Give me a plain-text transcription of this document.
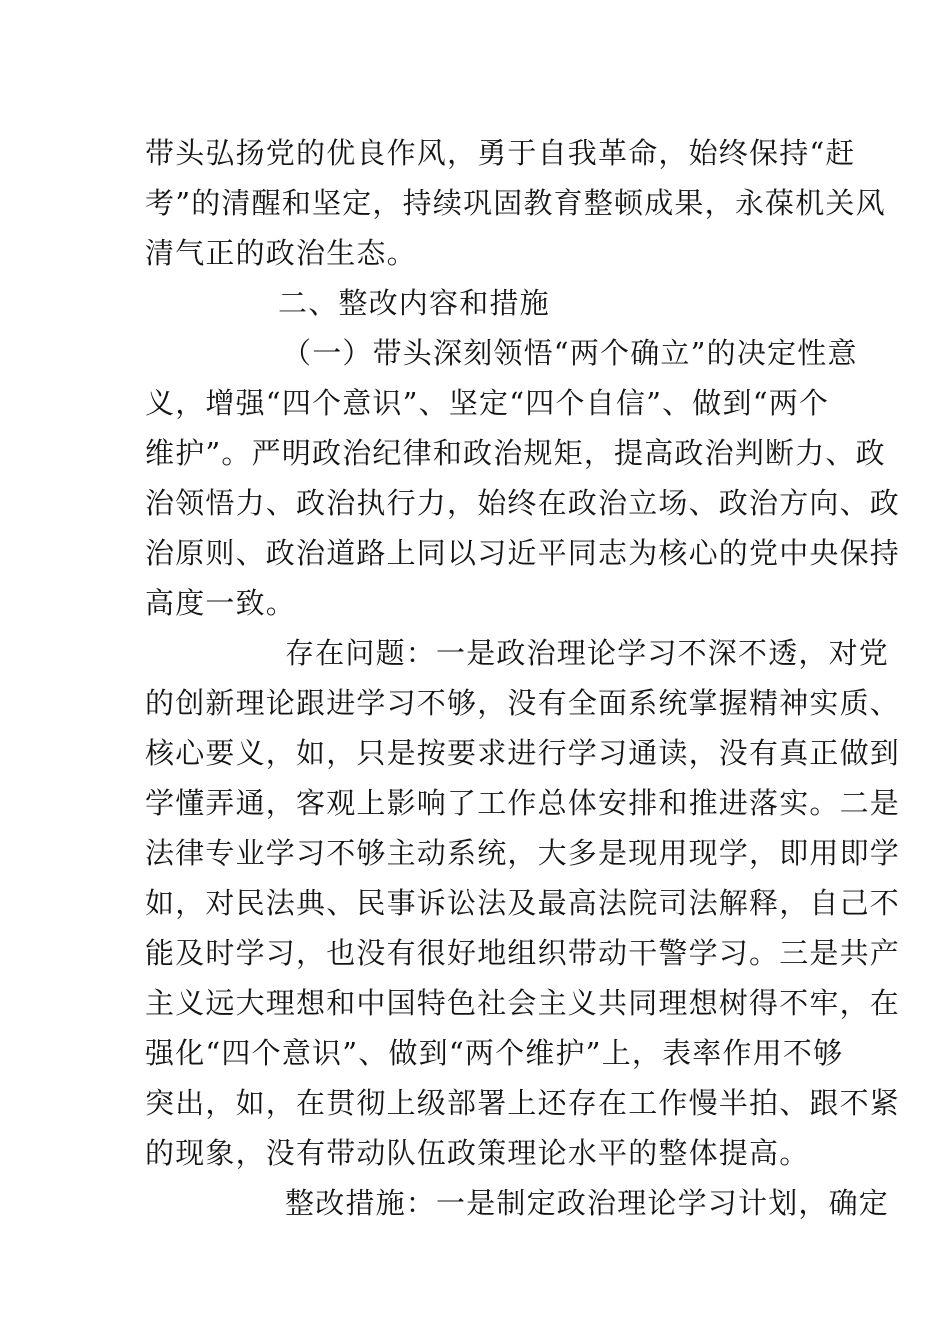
带头弘扬党的优良作风，勇于自我革命，始终保持“赶
考”的清醒和坚定，持续巩固教育整顿成果，永葆机关风
清气正的政治生态。
二、整改内容和措施
（一）带头深刻领悟“两个确立”的决定性意
义，增强“四个意识”、坚定“四个自信”、做到“两个
维护”。严明政治纪律和政治规矩，提高政治判断力、政
治领悟力、政治执行力，始终在政治立场、政治方向、政
治原则、政治道路上同以习近平同志为核心的党中央保持
高度一致。
存在问题：一是政治理论学习不深不透，对党
的创新理论跟进学习不够，没有全面系统掌握精神实质、
核心要义，如，只是按要求进行学习通读，没有真正做到
学懂弄通，客观上影响了工作总体安排和推进落实。二是
法律专业学习不够主动系统，大多是现用现学，即用即学
如，对民法典、民事诉讼法及最高法院司法解释，自己不
能及时学习，也没有很好地组织带动干警学习。三是共产
主义远大理想和中国特色社会主义共同理想树得不牢，在
强化“四个意识”、做到“两个维护”上，表率作用不够
突出，如，在贯彻上级部署上还存在工作慢半拍、跟不紧
的现象，没有带动队伍政策理论水平的整体提高。
整改措施：一是制定政治理论学习计划，确定
